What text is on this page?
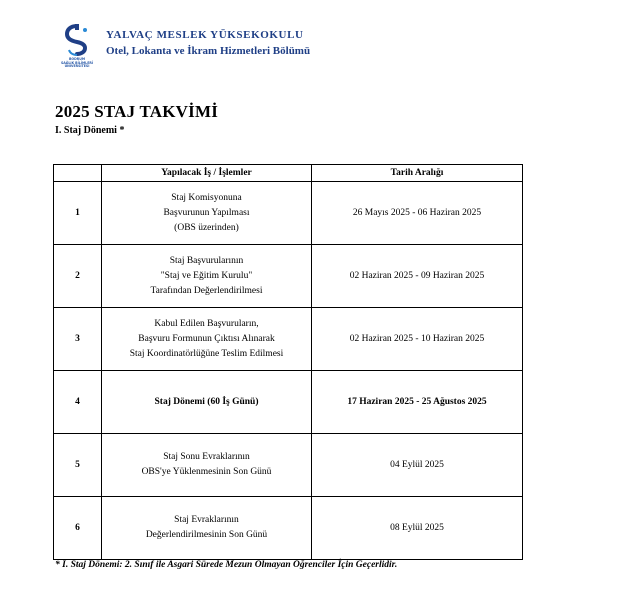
BODRUM
SAĞLIK BİLİMLERİ
ÜNİVERSİTESİ
YALVAÇ MESLEK YÜKSEKOKULU
Otel, Lokanta ve İkram Hizmetleri Bölümü
2025 STAJ TAKVİMİ
I. Staj Dönemi *
	Yapılacak İş / İşlemler	Tarih Aralığı
1	Staj Komisyonuna
Başvurunun Yapılması
(OBS üzerinden)	26 Mayıs 2025 - 06 Haziran 2025
2	Staj Başvurularının
"Staj ve Eğitim Kurulu"
Tarafından Değerlendirilmesi	02 Haziran 2025 - 09 Haziran 2025
3	Kabul Edilen Başvuruların,
Başvuru Formunun Çıktısı Alınarak
Staj Koordinatörlüğüne Teslim Edilmesi	02 Haziran 2025 - 10 Haziran 2025
4	Staj Dönemi (60 İş Günü)	17 Haziran 2025 - 25 Ağustos 2025
5	Staj Sonu Evraklarının
OBS'ye Yüklenmesinin Son Günü	04 Eylül 2025
6	Staj Evraklarının
Değerlendirilmesinin Son Günü	08 Eylül 2025
* I. Staj Dönemi: 2. Sınıf ile Asgari Sürede Mezun Olmayan Öğrenciler İçin Geçerlidir.
